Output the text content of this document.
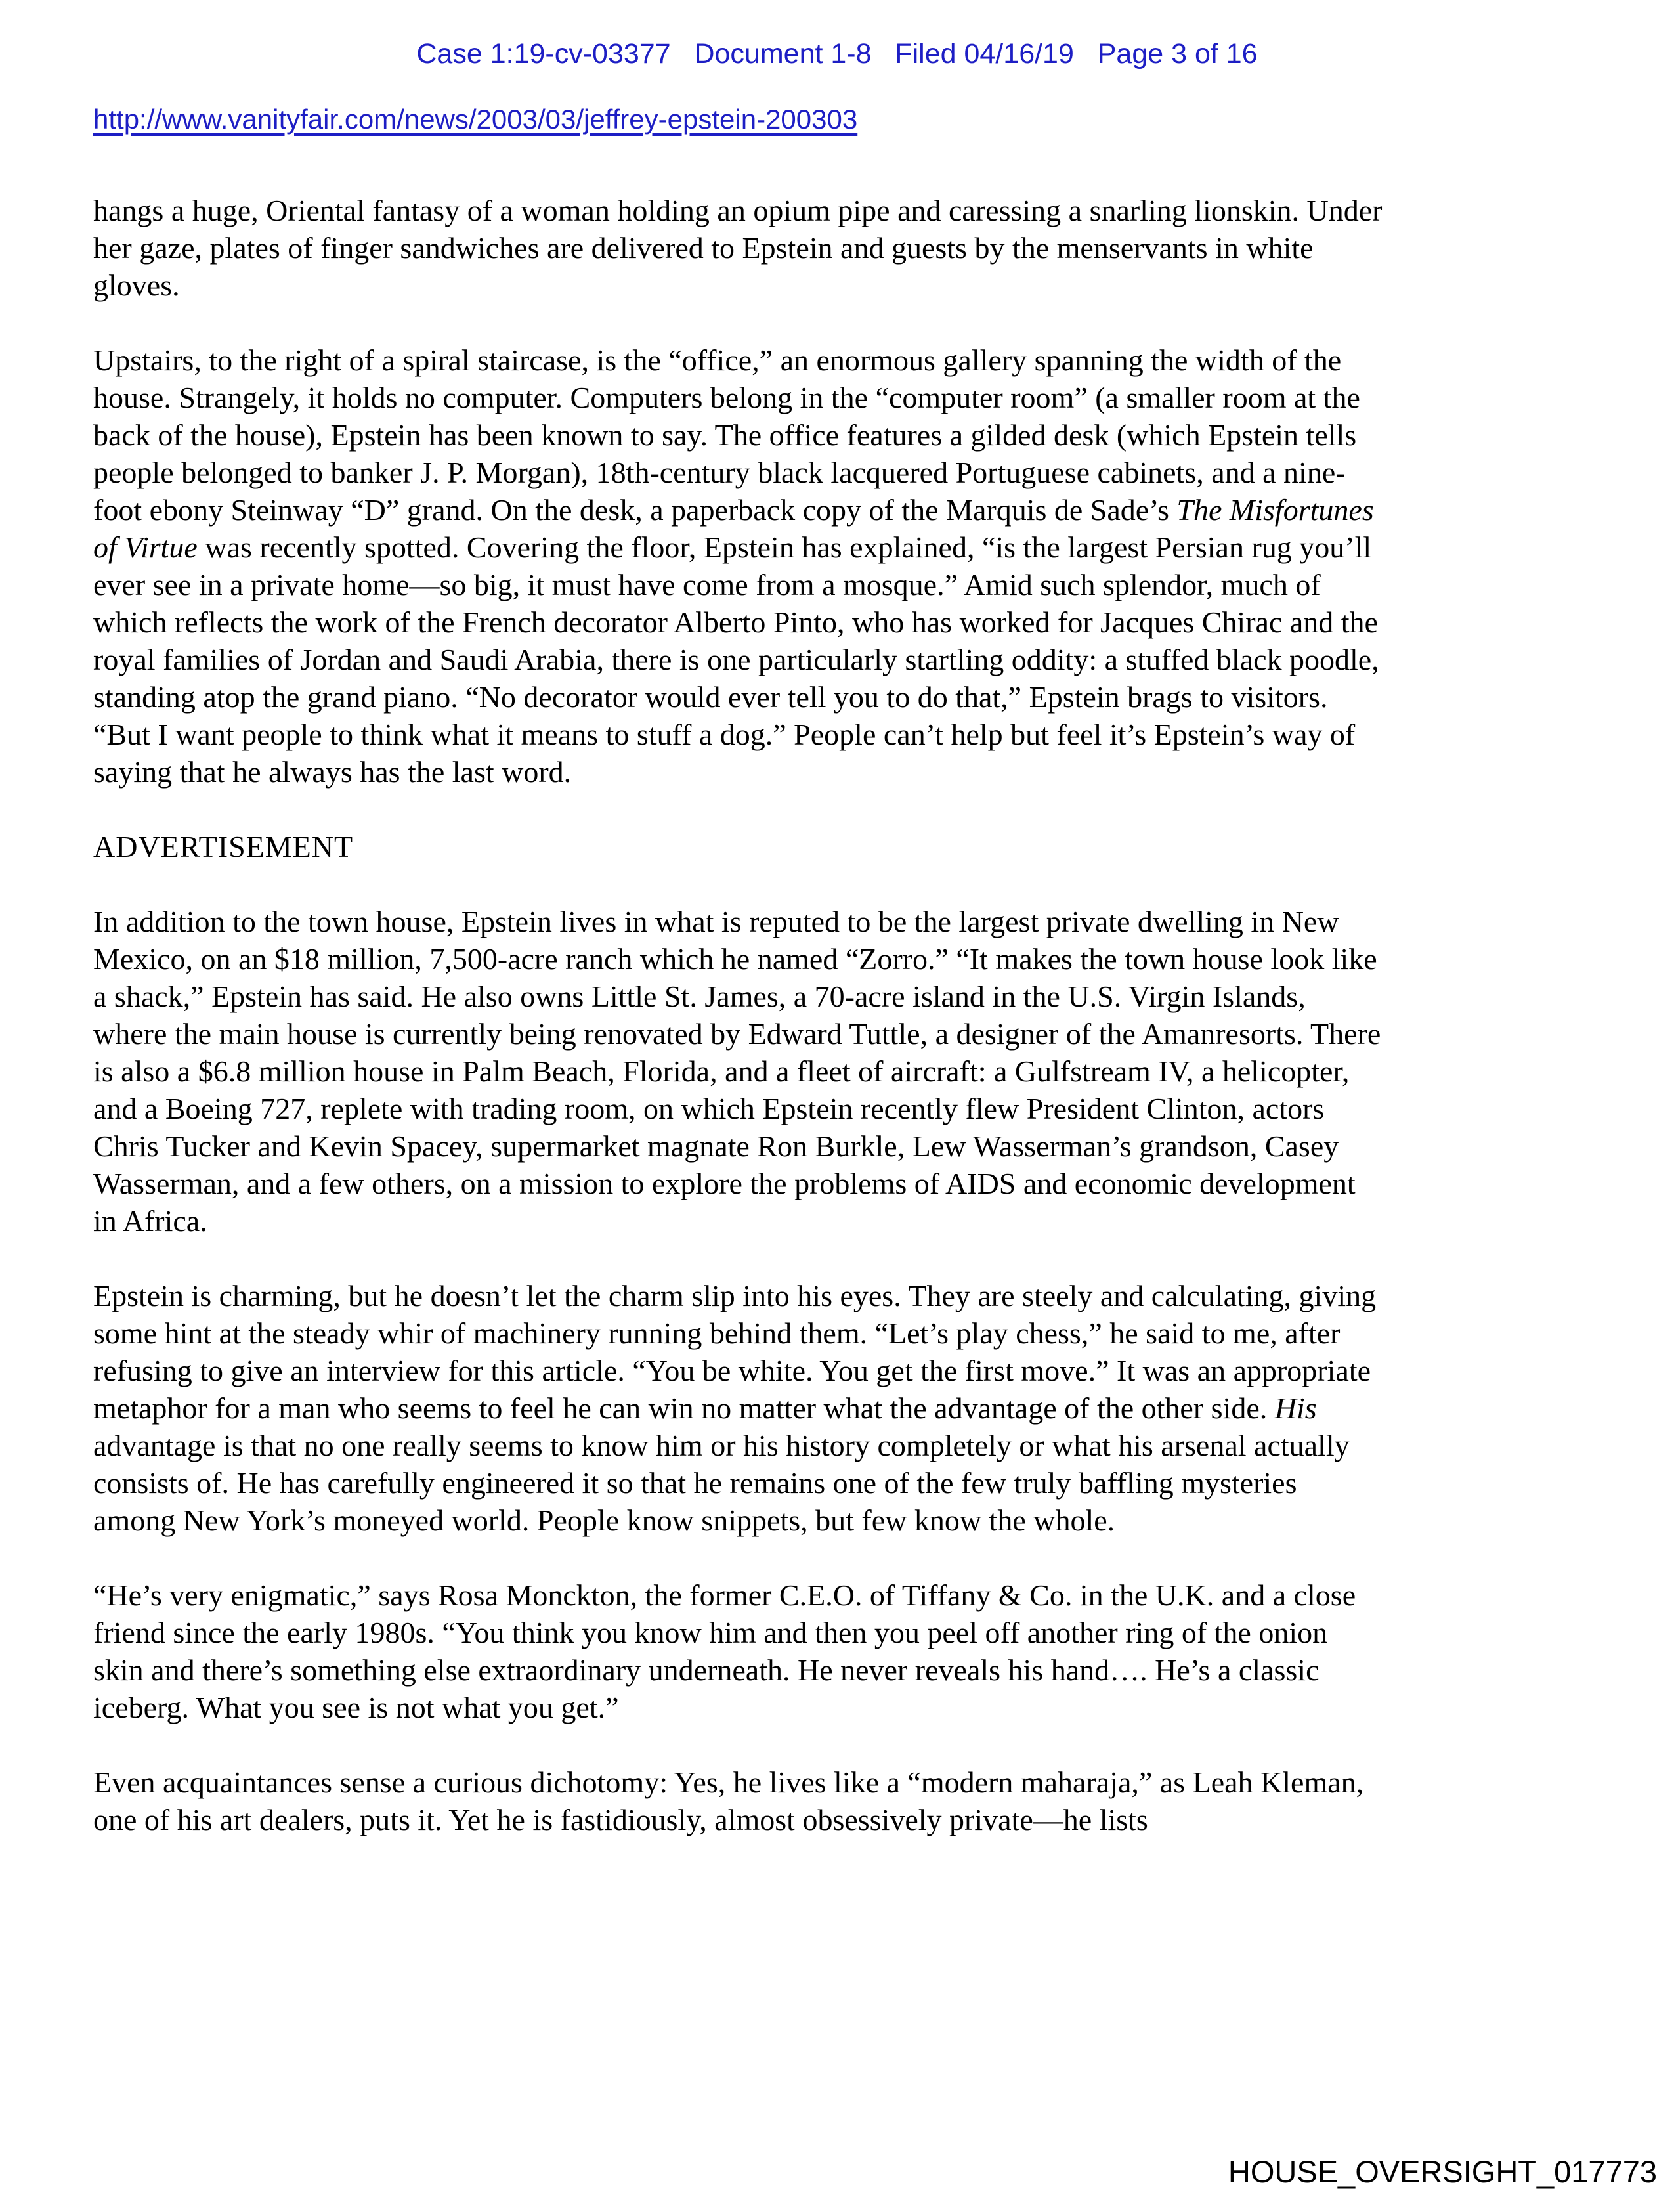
Case 1:19-cv-03377   Document 1-8   Filed 04/16/19   Page 3 of 16
http://www.vanityfair.com/news/2003/03/jeffrey-epstein-200303

hangs a huge, Oriental fantasy of a woman holding an opium pipe and caressing a snarling lionskin. Under her gaze, plates of finger sandwiches are delivered to Epstein and guests by the menservants in white gloves.

Upstairs, to the right of a spiral staircase, is the “office,” an enormous gallery spanning the width of the house. Strangely, it holds no computer. Computers belong in the “computer room” (a smaller room at the back of the house), Epstein has been known to say. The office features a gilded desk (which Epstein tells people belonged to banker J. P. Morgan), 18th-century black lacquered Portuguese cabinets, and a nine-foot ebony Steinway “D” grand. On the desk, a paperback copy of the Marquis de Sade’s The Misfortunes of Virtue was recently spotted. Covering the floor, Epstein has explained, “is the largest Persian rug you’ll ever see in a private home—so big, it must have come from a mosque.” Amid such splendor, much of which reflects the work of the French decorator Alberto Pinto, who has worked for Jacques Chirac and the royal families of Jordan and Saudi Arabia, there is one particularly startling oddity: a stuffed black poodle, standing atop the grand piano. “No decorator would ever tell you to do that,” Epstein brags to visitors. “But I want people to think what it means to stuff a dog.” People can’t help but feel it’s Epstein’s way of saying that he always has the last word.

ADVERTISEMENT

In addition to the town house, Epstein lives in what is reputed to be the largest private dwelling in New Mexico, on an $18 million, 7,500-acre ranch which he named “Zorro.” “It makes the town house look like a shack,” Epstein has said. He also owns Little St. James, a 70-acre island in the U.S. Virgin Islands, where the main house is currently being renovated by Edward Tuttle, a designer of the Amanresorts. There is also a $6.8 million house in Palm Beach, Florida, and a fleet of aircraft: a Gulfstream IV, a helicopter, and a Boeing 727, replete with trading room, on which Epstein recently flew President Clinton, actors Chris Tucker and Kevin Spacey, supermarket magnate Ron Burkle, Lew Wasserman’s grandson, Casey Wasserman, and a few others, on a mission to explore the problems of AIDS and economic development in Africa.

Epstein is charming, but he doesn’t let the charm slip into his eyes. They are steely and calculating, giving some hint at the steady whir of machinery running behind them. “Let’s play chess,” he said to me, after refusing to give an interview for this article. “You be white. You get the first move.” It was an appropriate metaphor for a man who seems to feel he can win no matter what the advantage of the other side. His advantage is that no one really seems to know him or his history completely or what his arsenal actually consists of. He has carefully engineered it so that he remains one of the few truly baffling mysteries among New York’s moneyed world. People know snippets, but few know the whole.

“He’s very enigmatic,” says Rosa Monckton, the former C.E.O. of Tiffany & Co. in the U.K. and a close friend since the early 1980s. “You think you know him and then you peel off another ring of the onion skin and there’s something else extraordinary underneath. He never reveals his hand…. He’s a classic iceberg. What you see is not what you get.”

Even acquaintances sense a curious dichotomy: Yes, he lives like a “modern maharaja,” as Leah Kleman, one of his art dealers, puts it. Yet he is fastidiously, almost obsessively private—he lists

HOUSE_OVERSIGHT_017773
